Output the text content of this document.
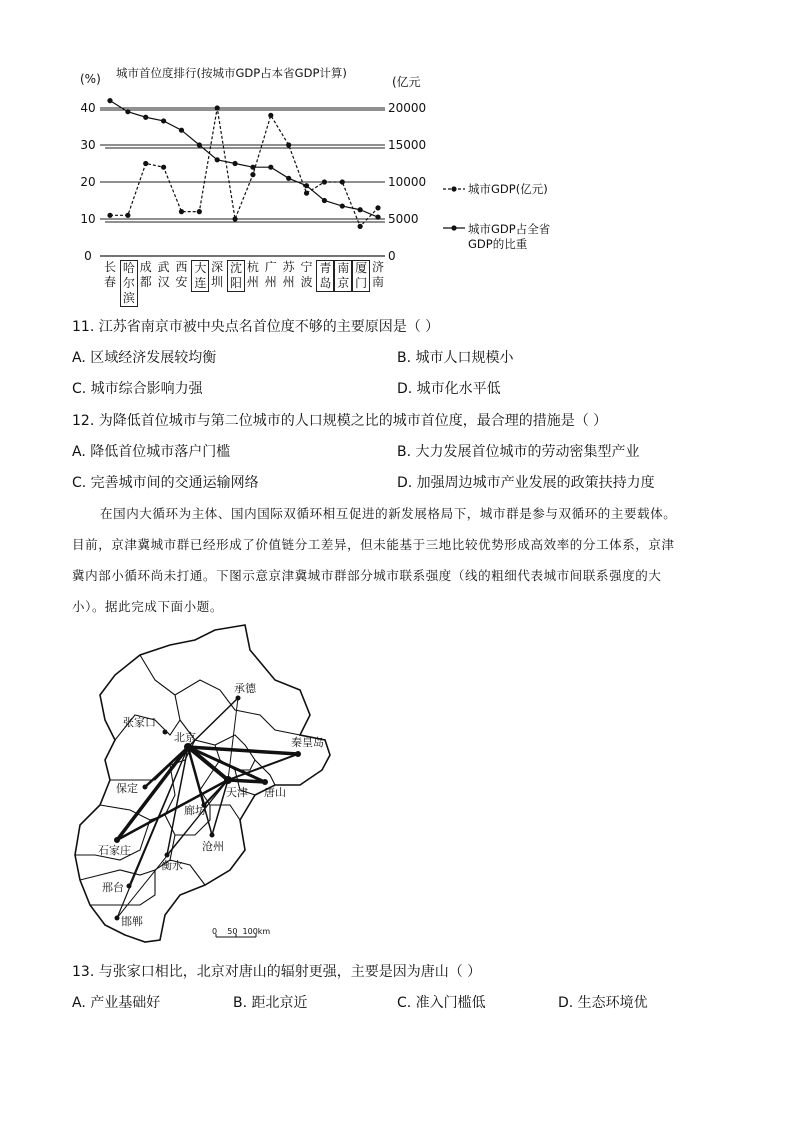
城市首位度排行(按城市GDP占本省GDP计算)
(%)	(亿元
0
10
20
30
40
0
5000
10000
15000
20000
城市GDP(亿元)
城市GDP占全省 GDP的比重
长
春
哈
尔
滨
成
都
武
汉
西
安
大
连
深
圳
沈
阳
杭
州
广
州
苏
州
宁
波
青
岛
南
京
厦
门
济
南
11. 江苏省南京市被中央点名首位度不够的主要原因是（ ）
A. 区域经济发展较均衡	B. 城市人口规模小
C. 城市综合影响力强	D. 城市化水平低
12. 为降低首位城市与第二位城市的人口规模之比的城市首位度，最合理的措施是（ ）
A. 降低首位城市落户门槛	B. 大力发展首位城市的劳动密集型产业
C. 完善城市间的交通运输网络	D. 加强周边城市产业发展的政策扶持力度
在国内大循环为主体、国内国际双循环相互促进的新发展格局下，城市群是参与双循环的主要载体。
目前，京津冀城市群已经形成了价值链分工差异，但未能基于三地比较优势形成高效率的分工体系，京津
冀内部小循环尚未打通。下图示意京津冀城市群部分城市联系强度（线的粗细代表城市间联系强度的大
小）。据此完成下面小题。
承德
张家口
北京	秦皇岛
唐山
天津
保定
廊坊
沧州
石家庄
衡水
邢台
邯郸
0    50  100km
13. 与张家口相比，北京对唐山的辐射更强，主要是因为唐山（ ）
A. 产业基础好	B. 距北京近	C. 准入门槛低	D. 生态环境优
